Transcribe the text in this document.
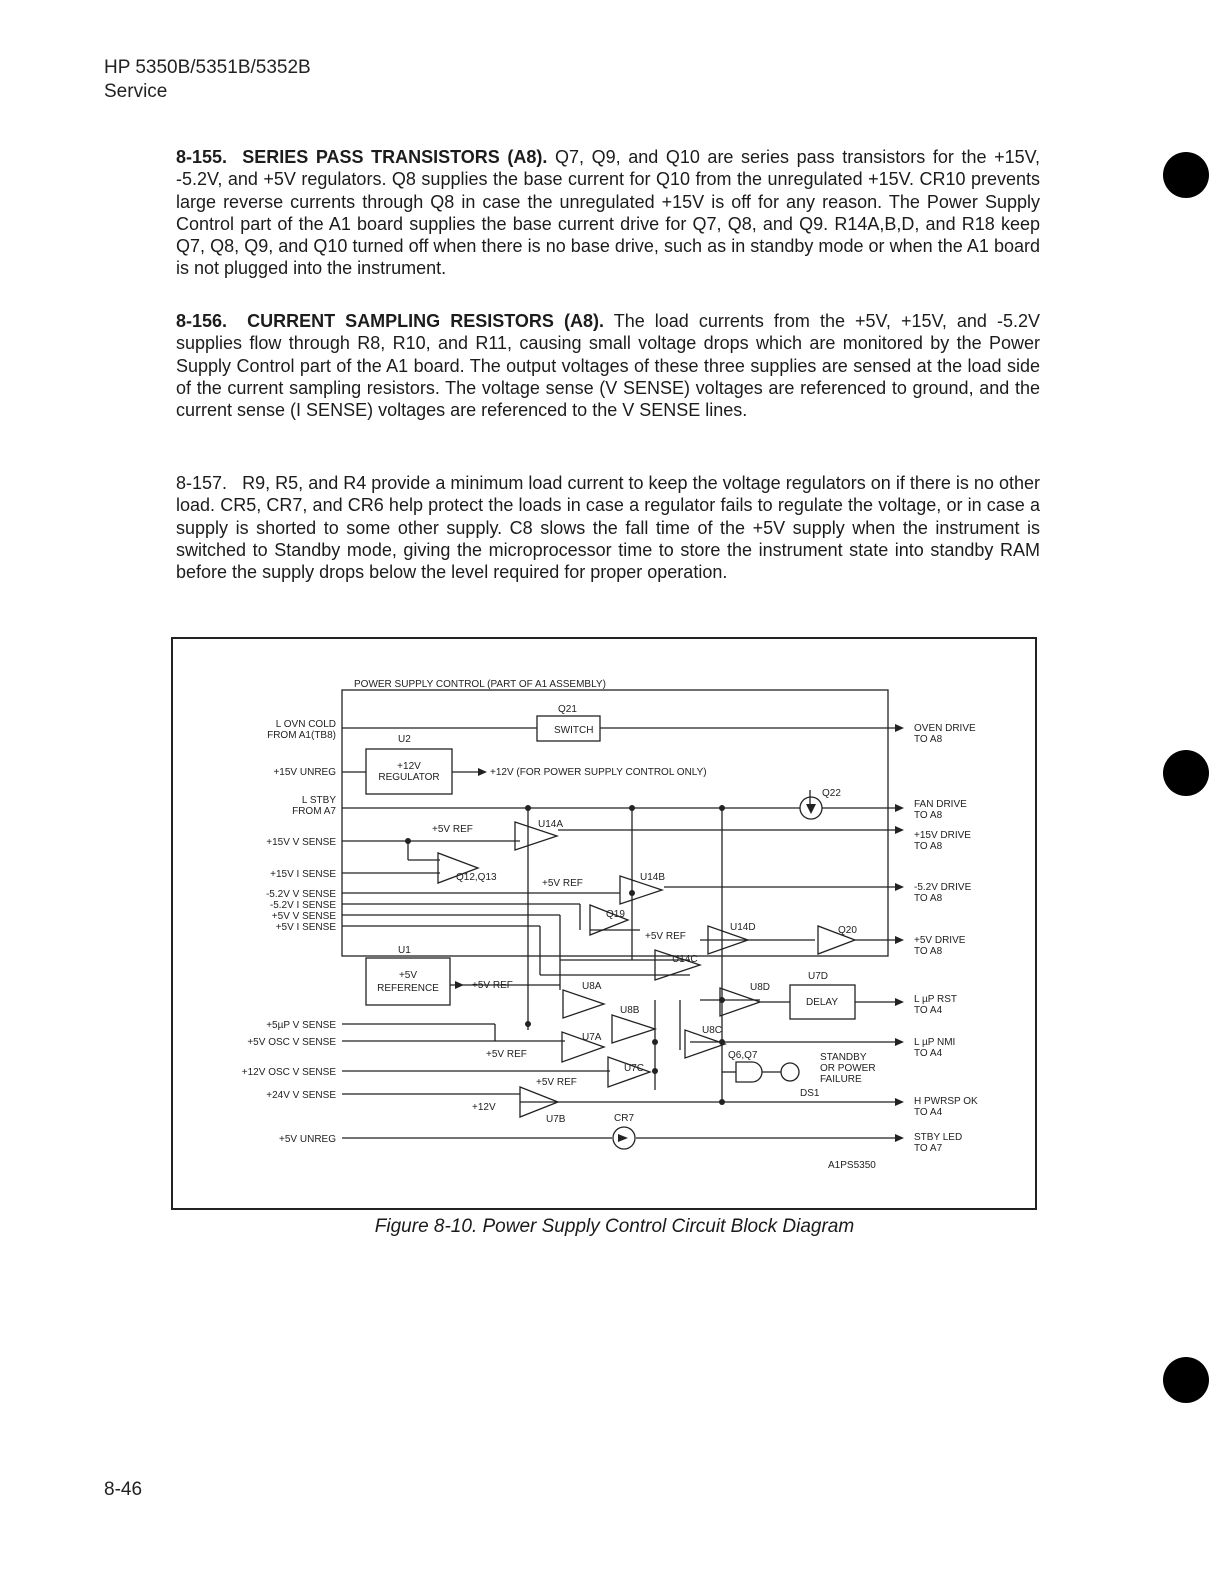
HP 5350B/5351B/5352B
Service
8-155. SERIES PASS TRANSISTORS (A8). Q7, Q9, and Q10 are series pass transistors for the +15V, -5.2V, and +5V regulators. Q8 supplies the base current for Q10 from the unregulated +15V. CR10 prevents large reverse currents through Q8 in case the unregulated +15V is off for any reason. The Power Supply Control part of the A1 board supplies the base current drive for Q7, Q8, and Q9. R14A,B,D, and R18 keep Q7, Q8, Q9, and Q10 turned off when there is no base drive, such as in standby mode or when the A1 board is not plugged into the instrument.
8-156. CURRENT SAMPLING RESISTORS (A8). The load currents from the +5V, +15V, and -5.2V supplies flow through R8, R10, and R11, causing small voltage drops which are monitored by the Power Supply Control part of the A1 board. The output voltages of these three supplies are sensed at the load side of the current sampling resistors. The voltage sense (V SENSE) voltages are referenced to ground, and the current sense (I SENSE) voltages are referenced to the V SENSE lines.
8-157. R9, R5, and R4 provide a minimum load current to keep the voltage regulators on if there is no other load. CR5, CR7, and CR6 help protect the loads in case a regulator fails to regulate the voltage, or in case a supply is shorted to some other supply. C8 slows the fall time of the +5V supply when the instrument is switched to Standby mode, giving the microprocessor time to store the instrument state into standby RAM before the supply drops below the level required for proper operation.
POWER SUPPLY CONTROL (PART OF A1 ASSEMBLY)
L OVN COLD
FROM A1(TB8)
+15V UNREG
L STBY
FROM A7
+15V V SENSE
+15V I SENSE
-5.2V V SENSE
-5.2V I SENSE
+5V V SENSE
+5V I SENSE
+5µP V SENSE
+5V OSC V SENSE
+12V OSC V SENSE
+24V V SENSE
+5V UNREG
OVEN DRIVE
TO A8
FAN DRIVE
TO A8
+15V DRIVE
TO A8
-5.2V DRIVE
TO A8
+5V DRIVE
TO A8
L µP RST
TO A4
L µP NMI
TO A4
H PWRSP OK
TO A4
STBY LED
TO A7
Q21
SWITCH
U2
+12V
REGULATOR	+12V (FOR POWER SUPPLY CONTROL ONLY)
Q22
+5V REF	U14A
Q12,Q13
+5V REF
U14B
Q19
+5V REF
U14D
U14C
Q20
U1
+5V
REFERENCE	+5V REF	U8A
U8B
U8D
U7D
DELAY
U7A
U8C
+5V REF
U7C
Q6,Q7	STANDBY
OR POWER
FAILURE
DS1
+5V REF
+12V
U7B	CR7
A1PS5350
Figure 8-10. Power Supply Control Circuit Block Diagram
8-46
